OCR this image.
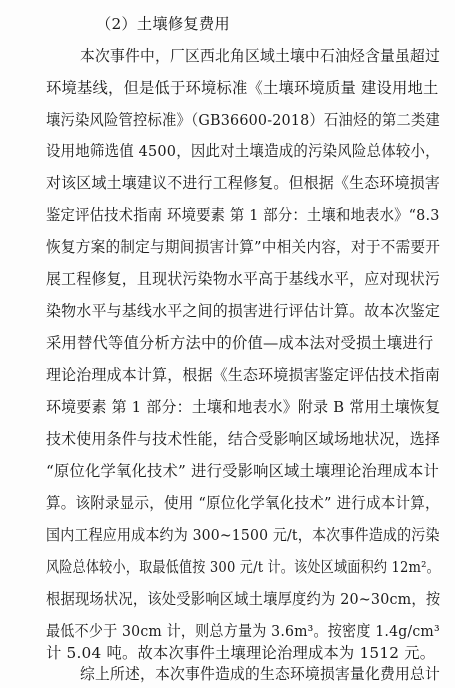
（2）土壤修复费用
本次事件中，厂区西北角区域土壤中石油烃含量虽超过
环境基线，但是低于环境标准《土壤环境质量 建设用地土
壤污染风险管控标准》（GB36600-2018）石油烃的第二类建
设用地筛选值 4500，因此对土壤造成的污染风险总体较小，
对该区域土壤建议不进行工程修复。但根据《生态环境损害
鉴定评估技术指南 环境要素 第 1 部分：土壤和地表水》“8.3
恢复方案的制定与期间损害计算”中相关内容，对于不需要开
展工程修复，且现状污染物水平高于基线水平，应对现状污
染物水平与基线水平之间的损害进行评估计算。故本次鉴定
采用替代等值分析方法中的价值—成本法对受损土壤进行
理论治理成本计算，根据《生态环境损害鉴定评估技术指南
环境要素 第 1 部分：土壤和地表水》附录 B 常用土壤恢复
技术使用条件与技术性能，结合受影响区域场地状况，选择
“原位化学氧化技术” 进行受影响区域土壤理论治理成本计
算。该附录显示，使用 “原位化学氧化技术” 进行成本计算，
国内工程应用成本约为 300~1500 元/t，本次事件造成的污染
风险总体较小，取最低值按 300 元/t 计。该处区域面积约 12m²。
根据现场状况，该处受影响区域土壤厚度约为 20~30cm，按
最低不少于 30cm 计，则总方量为 3.6m³。按密度 1.4g/cm³
计 5.04 吨。故本次事件土壤理论治理成本为 1512 元。
综上所述，本次事件造成的生态环境损害量化费用总计
